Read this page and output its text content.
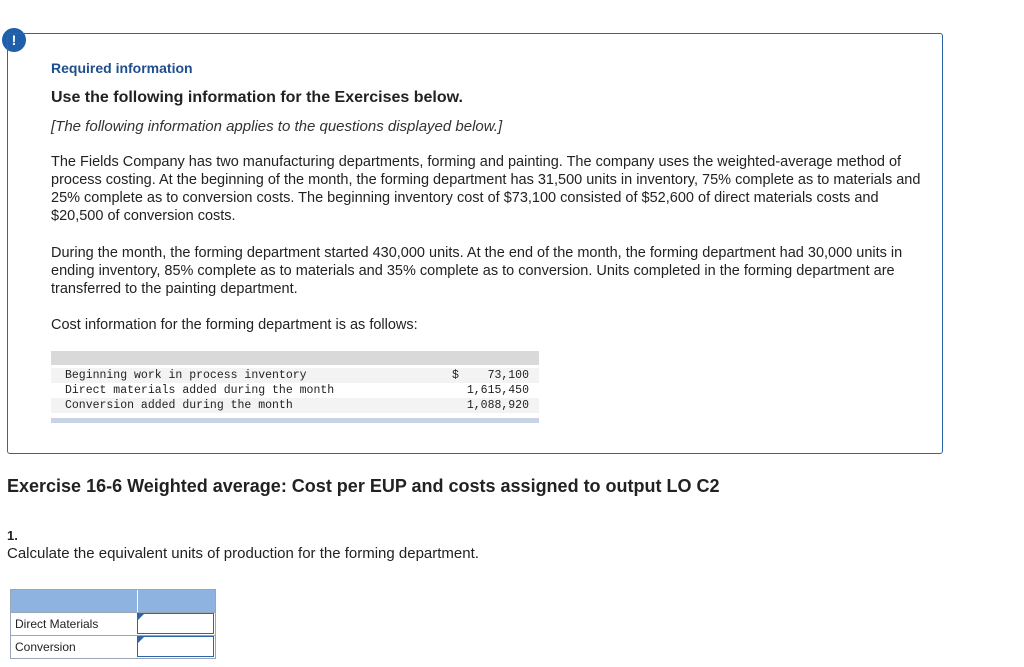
!
Required information
Use the following information for the Exercises below.
[The following information applies to the questions displayed below.]

The Fields Company has two manufacturing departments, forming and painting. The company uses the weighted-average method of process costing. At the beginning of the month, the forming department has 31,500 units in inventory, 75% complete as to materials and 25% complete as to conversion costs. The beginning inventory cost of $73,100 consisted of $52,600 of direct materials costs and $20,500 of conversion costs.

During the month, the forming department started 430,000 units. At the end of the month, the forming department had 30,000 units in ending inventory, 85% complete as to materials and 35% complete as to conversion. Units completed in the forming department are transferred to the painting department.

Cost information for the forming department is as follows:

Beginning work in process inventory
Direct materials added during the month
Conversion added during the month
$ 73,100
1,615,450
1,088,920
Exercise 16-6 Weighted average: Cost per EUP and costs assigned to output LO C2
1.
Calculate the equivalent units of production for the forming department.
Direct Materials
Conversion
